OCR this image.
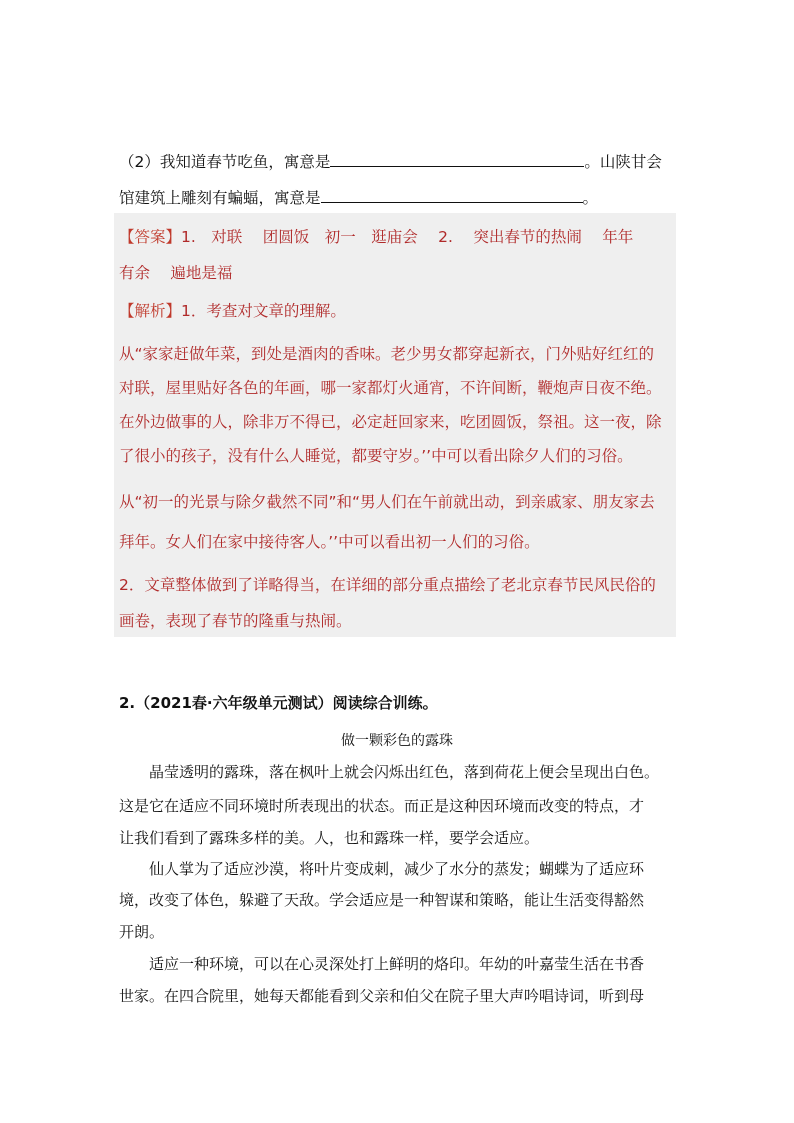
（2）我知道春节吃鱼，寓意是	。山陕甘会
馆建筑上雕刻有蝙蝠，寓意是	。
【答案】1.　对联　 团圆饭　初一　逛庙会　 2.　 突出春节的热闹　 年年
有余　 遍地是福
【解析】1．考查对文章的理解。
从“家家赶做年菜，到处是酒肉的香味。老少男女都穿起新衣，门外贴好红红的
对联，屋里贴好各色的年画，哪一家都灯火通宵，不许间断，鞭炮声日夜不绝。
在外边做事的人，除非万不得已，必定赶回家来，吃团圆饭，祭祖。这一夜，除
了很小的孩子，没有什么人睡觉，都要守岁。’’中可以看出除夕人们的习俗。
从“初一的光景与除夕截然不同”和“男人们在午前就出动，到亲戚家、朋友家去
拜年。女人们在家中接待客人。’’中可以看出初一人们的习俗。
2．文章整体做到了详略得当，在详细的部分重点描绘了老北京春节民风民俗的
画卷，表现了春节的隆重与热闹。
2.（2021春·六年级单元测试）阅读综合训练。
做一颗彩色的露珠
　　晶莹透明的露珠，落在枫叶上就会闪烁出红色，落到荷花上便会呈现出白色。
这是它在适应不同环境时所表现出的状态。而正是这种因环境而改变的特点，才
让我们看到了露珠多样的美。人，也和露珠一样，要学会适应。
　　仙人掌为了适应沙漠，将叶片变成刺，减少了水分的蒸发；蝴蝶为了适应环
境，改变了体色，躲避了天敌。学会适应是一种智谋和策略，能让生活变得豁然
开朗。
　　适应一种环境，可以在心灵深处打上鲜明的烙印。年幼的叶嘉莹生活在书香
世家。在四合院里，她每天都能看到父亲和伯父在院子里大声吟唱诗词，听到母
